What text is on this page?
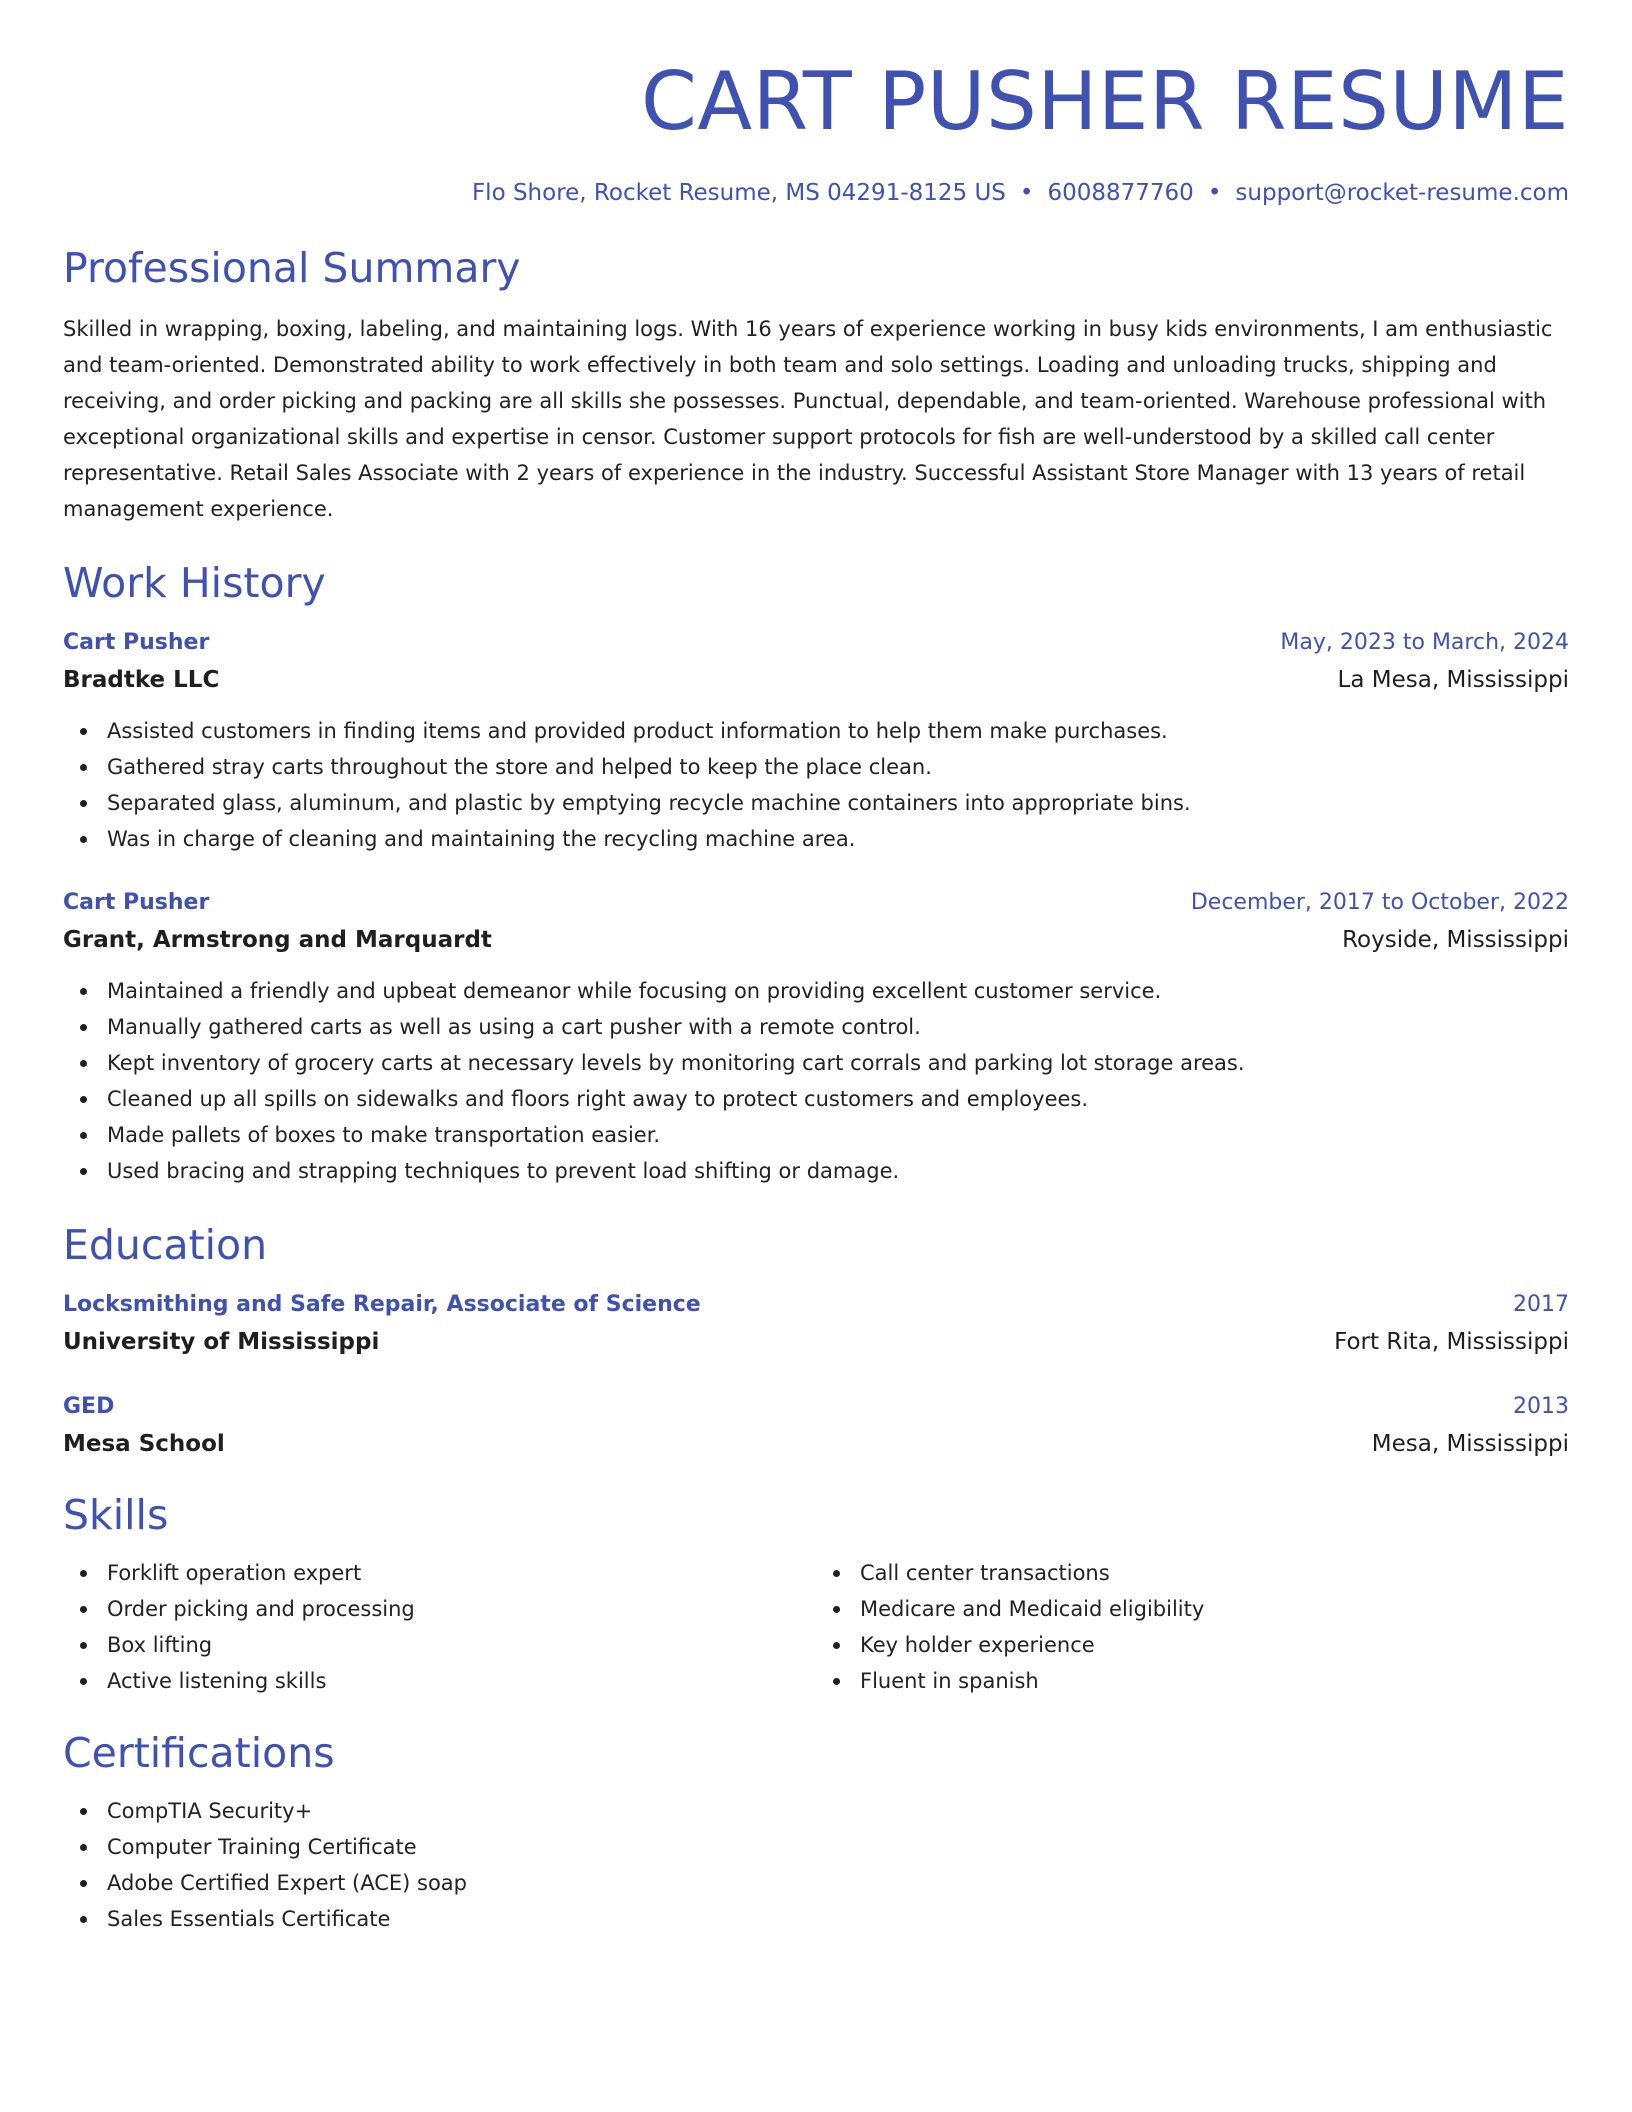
CART PUSHER RESUME
Flo Shore, Rocket Resume, MS 04291-8125 US • 6008877760 • support@rocket-resume.com
Professional Summary
Skilled in wrapping, boxing, labeling, and maintaining logs. With 16 years of experience working in busy kids environments, I am enthusiastic and team-oriented. Demonstrated ability to work effectively in both team and solo settings. Loading and unloading trucks, shipping and receiving, and order picking and packing are all skills she possesses. Punctual, dependable, and team-oriented. Warehouse professional with exceptional organizational skills and expertise in censor. Customer support protocols for fish are well-understood by a skilled call center representative. Retail Sales Associate with 2 years of experience in the industry. Successful Assistant Store Manager with 13 years of retail management experience.
Work History
Cart Pusher	May, 2023 to March, 2024
Bradtke LLC	La Mesa, Mississippi
Assisted customers in finding items and provided product information to help them make purchases.
Gathered stray carts throughout the store and helped to keep the place clean.
Separated glass, aluminum, and plastic by emptying recycle machine containers into appropriate bins.
Was in charge of cleaning and maintaining the recycling machine area.
Cart Pusher	December, 2017 to October, 2022
Grant, Armstrong and Marquardt	Royside, Mississippi
Maintained a friendly and upbeat demeanor while focusing on providing excellent customer service.
Manually gathered carts as well as using a cart pusher with a remote control.
Kept inventory of grocery carts at necessary levels by monitoring cart corrals and parking lot storage areas.
Cleaned up all spills on sidewalks and floors right away to protect customers and employees.
Made pallets of boxes to make transportation easier.
Used bracing and strapping techniques to prevent load shifting or damage.
Education
Locksmithing and Safe Repair, Associate of Science	2017
University of Mississippi	Fort Rita, Mississippi
GED	2013
Mesa School	Mesa, Mississippi
Skills
Forklift operation expert
Order picking and processing
Box lifting
Active listening skills
Call center transactions
Medicare and Medicaid eligibility
Key holder experience
Fluent in spanish
Certifications
CompTIA Security+
Computer Training Certificate
Adobe Certified Expert (ACE) soap
Sales Essentials Certificate
